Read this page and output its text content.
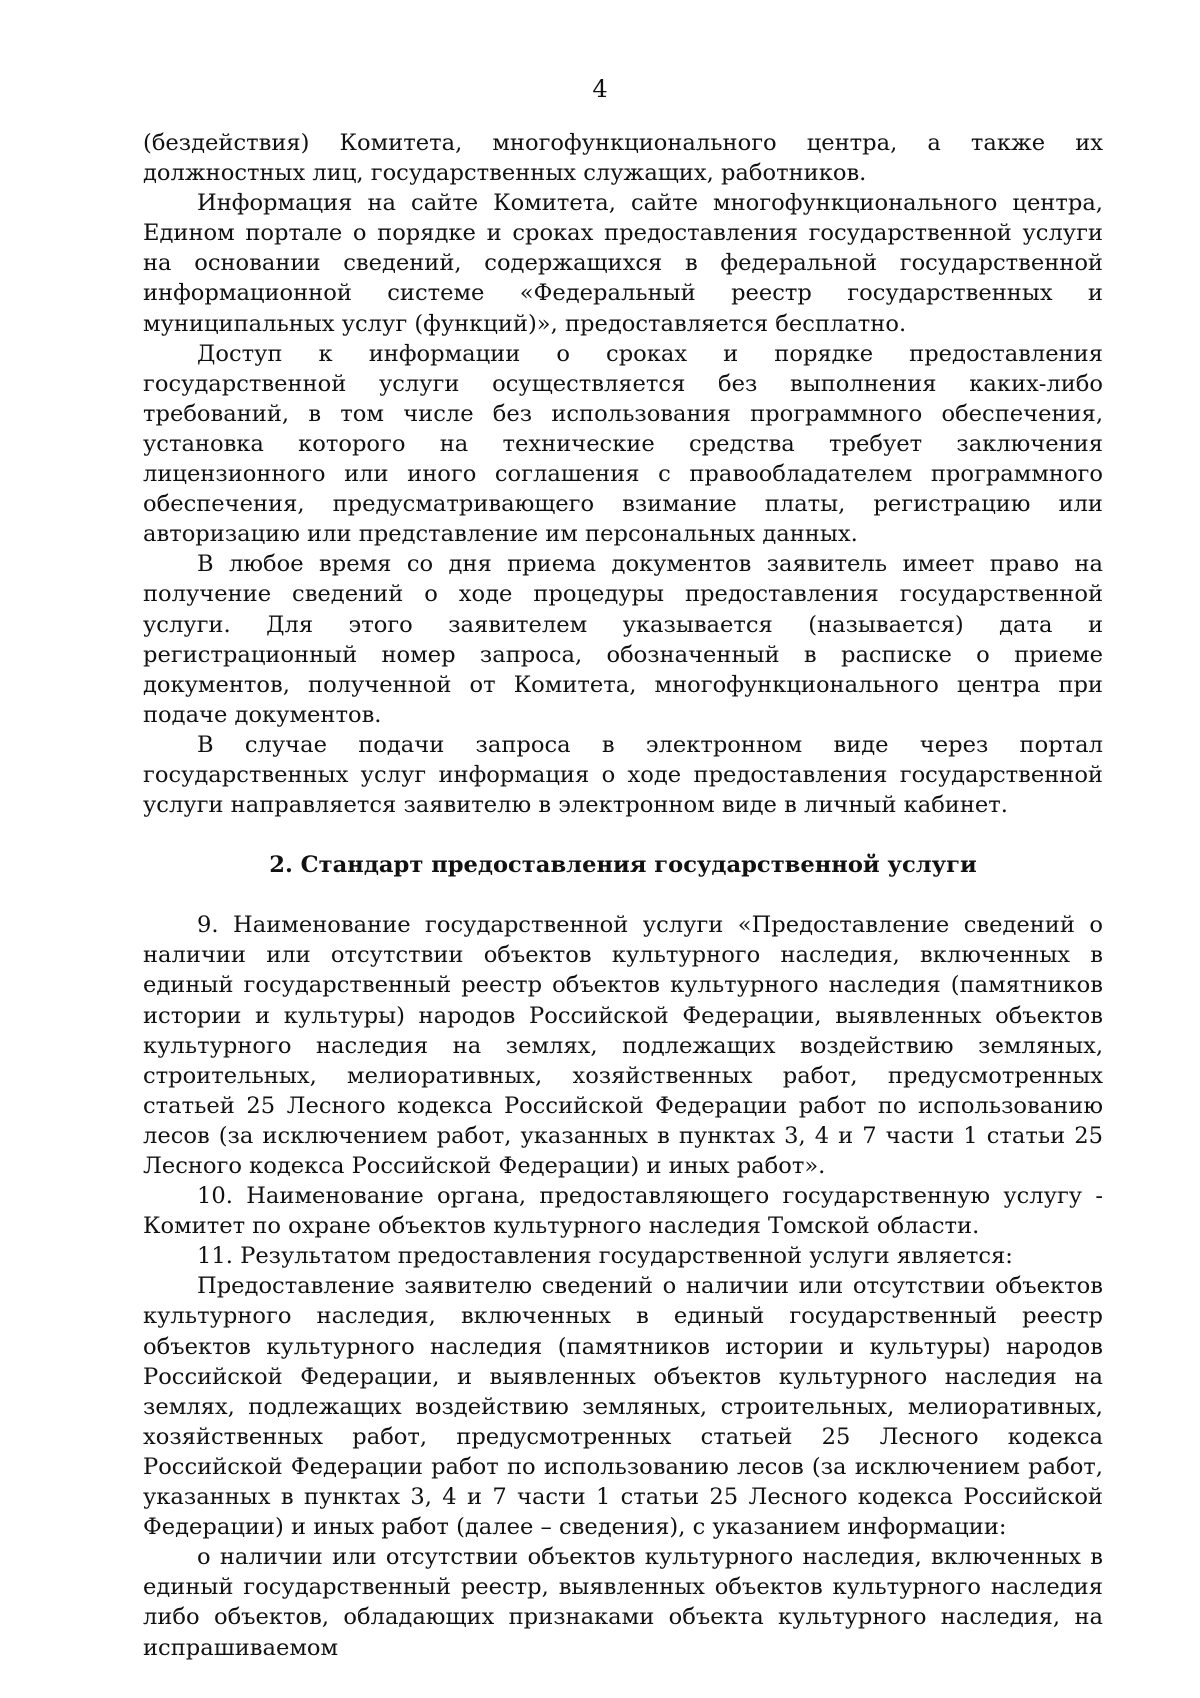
4

(бездействия) Комитета, многофункционального центра, а также их должностных лиц, государственных служащих, работников.

Информация на сайте Комитета, сайте многофункционального центра, Едином портале о порядке и сроках предоставления государственной услуги на основании сведений, содержащихся в федеральной государственной информационной системе «Федеральный реестр государственных и муниципальных услуг (функций)», предоставляется бесплатно.

Доступ к информации о сроках и порядке предоставления государственной услуги осуществляется без выполнения каких-либо требований, в том числе без использования программного обеспечения, установка которого на технические средства требует заключения лицензионного или иного соглашения с правообладателем программного обеспечения, предусматривающего взимание платы, регистрацию или авторизацию или представление им персональных данных.

В любое время со дня приема документов заявитель имеет право на получение сведений о ходе процедуры предоставления государственной услуги. Для этого заявителем указывается (называется) дата и регистрационный номер запроса, обозначенный в расписке о приеме документов, полученной от Комитета, многофункционального центра при подаче документов.

В случае подачи запроса в электронном виде через портал государственных услуг информация о ходе предоставления государственной услуги направляется заявителю в электронном виде в личный кабинет.

2. Стандарт предоставления государственной услуги

9. Наименование государственной услуги «Предоставление сведений о наличии или отсутствии объектов культурного наследия, включенных в единый государственный реестр объектов культурного наследия (памятников истории и культуры) народов Российской Федерации, выявленных объектов культурного наследия на землях, подлежащих воздействию земляных, строительных, мелиоративных, хозяйственных работ, предусмотренных статьей 25 Лесного кодекса Российской Федерации работ по использованию лесов (за исключением работ, указанных в пунктах 3, 4 и 7 части 1 статьи 25 Лесного кодекса Российской Федерации) и иных работ».

10. Наименование органа, предоставляющего государственную услугу - Комитет по охране объектов культурного наследия Томской области.

11. Результатом предоставления государственной услуги является:

Предоставление заявителю сведений о наличии или отсутствии объектов культурного наследия, включенных в единый государственный реестр объектов культурного наследия (памятников истории и культуры) народов Российской Федерации, и выявленных объектов культурного наследия на землях, подлежащих воздействию земляных, строительных, мелиоративных, хозяйственных работ, предусмотренных статьей 25 Лесного кодекса Российской Федерации работ по использованию лесов (за исключением работ, указанных в пунктах 3, 4 и 7 части 1 статьи 25 Лесного кодекса Российской Федерации) и иных работ (далее – сведения), с указанием информации:

о наличии или отсутствии объектов культурного наследия, включенных в единый государственный реестр, выявленных объектов культурного наследия либо объектов, обладающих признаками объекта культурного наследия, на испрашиваемом
